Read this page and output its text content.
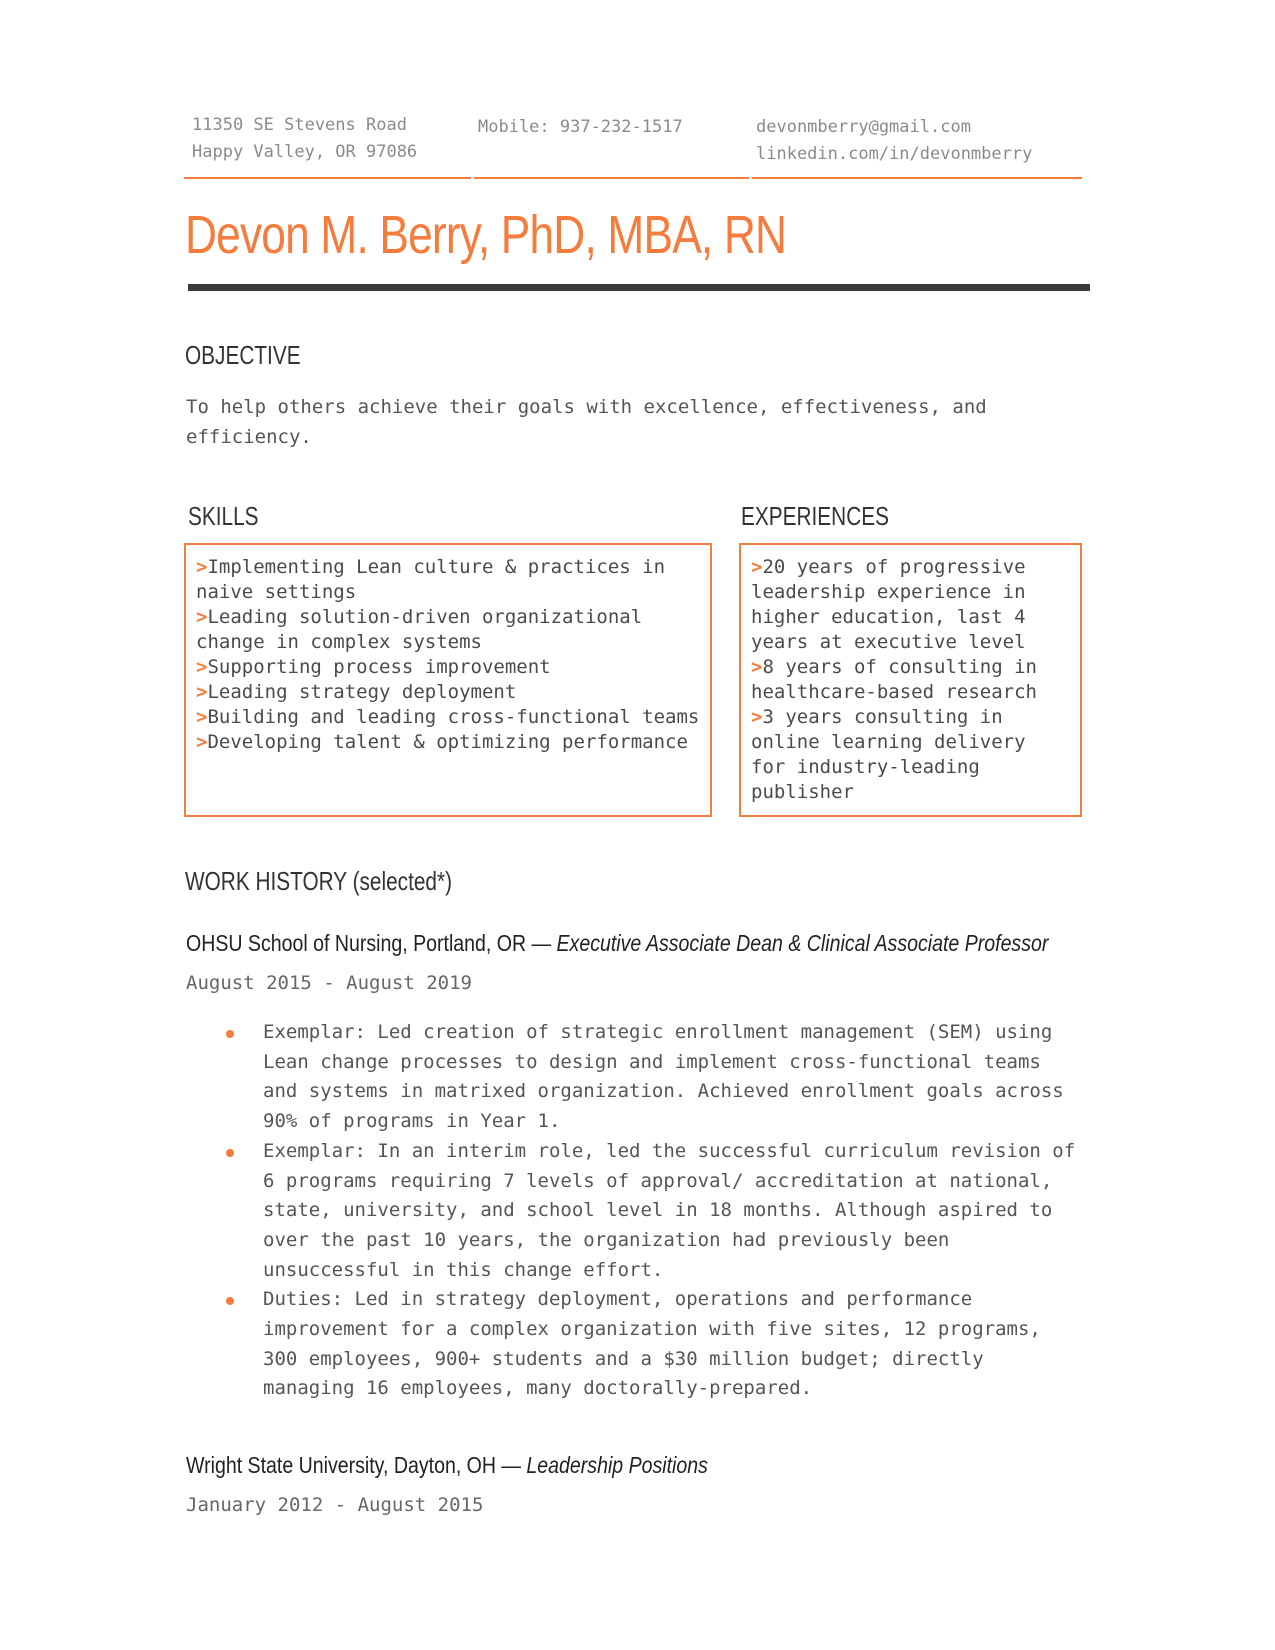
11350 SE Stevens Road
Happy Valley, OR 97086
Mobile: 937-232-1517	devonmberry@gmail.com
linkedin.com/in/devonmberry
Devon M. Berry, PhD, MBA, RN
OBJECTIVE
To help others achieve their goals with excellence, effectiveness, and efficiency.
SKILLS
>Implementing Lean culture & practices in naive settings
>Leading solution-driven organizational change in complex systems
>Supporting process improvement
>Leading strategy deployment
>Building and leading cross-functional teams
>Developing talent & optimizing performance
EXPERIENCES
>20 years of progressive leadership experience in higher education, last 4 years at executive level
>8 years of consulting in healthcare-based research
>3 years consulting in online learning delivery for industry-leading publisher
WORK HISTORY (selected*)
OHSU School of Nursing, Portland, OR — Executive Associate Dean & Clinical Associate Professor
August 2015 - August 2019
Exemplar: Led creation of strategic enrollment management (SEM) using Lean change processes to design and implement cross-functional teams and systems in matrixed organization. Achieved enrollment goals across 90% of programs in Year 1.
Exemplar: In an interim role, led the successful curriculum revision of 6 programs requiring 7 levels of approval/ accreditation at national, state, university, and school level in 18 months. Although aspired to over the past 10 years, the organization had previously been unsuccessful in this change effort.
Duties: Led in strategy deployment, operations and performance improvement for a complex organization with five sites, 12 programs, 300 employees, 900+ students and a $30 million budget; directly managing 16 employees, many doctorally-prepared.
Wright State University, Dayton, OH — Leadership Positions
January 2012 - August 2015
